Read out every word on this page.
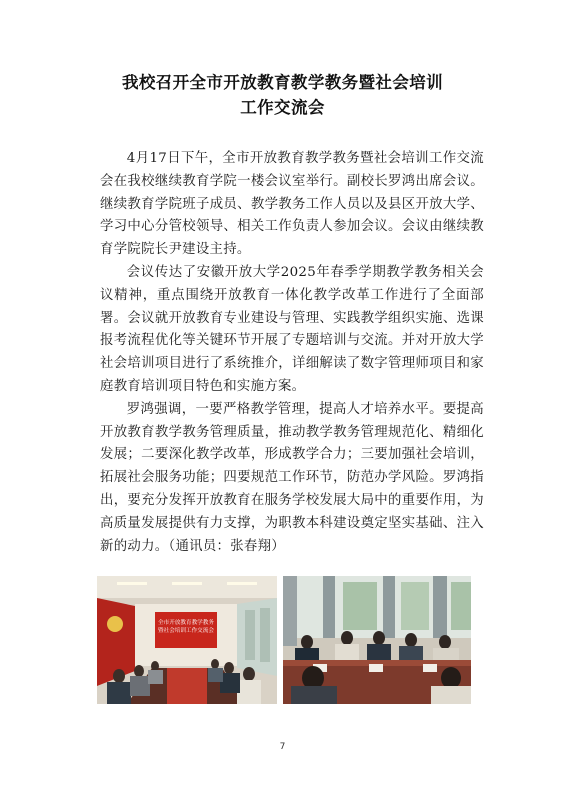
我校召开全市开放教育教学教务暨社会培训
工作交流会

4月17日下午，全市开放教育教学教务暨社会培训工作交流会在我校继续教育学院一楼会议室举行。副校长罗鸿出席会议。继续教育学院班子成员、教学教务工作人员以及县区开放大学、学习中心分管校领导、相关工作负责人参加会议。会议由继续教育学院院长尹建设主持。

会议传达了安徽开放大学2025年春季学期教学教务相关会议精神，重点围绕开放教育一体化教学改革工作进行了全面部署。会议就开放教育专业建设与管理、实践教学组织实施、选课报考流程优化等关键环节开展了专题培训与交流。并对开放大学社会培训项目进行了系统推介，详细解读了数字管理师项目和家庭教育培训项目特色和实施方案。

罗鸿强调，一要严格教学管理，提高人才培养水平。要提高开放教育教学教务管理质量，推动教学教务管理规范化、精细化发展；二要深化教学改革，形成教学合力；三要加强社会培训，拓展社会服务功能；四要规范工作环节，防范办学风险。罗鸿指出，要充分发挥开放教育在服务学校发展大局中的重要作用，为高质量发展提供有力支撑，为职教本科建设奠定坚实基础、注入新的动力。（通讯员：张春翔）

全市开放教育教学教务
暨社会培训工作交流会
7
